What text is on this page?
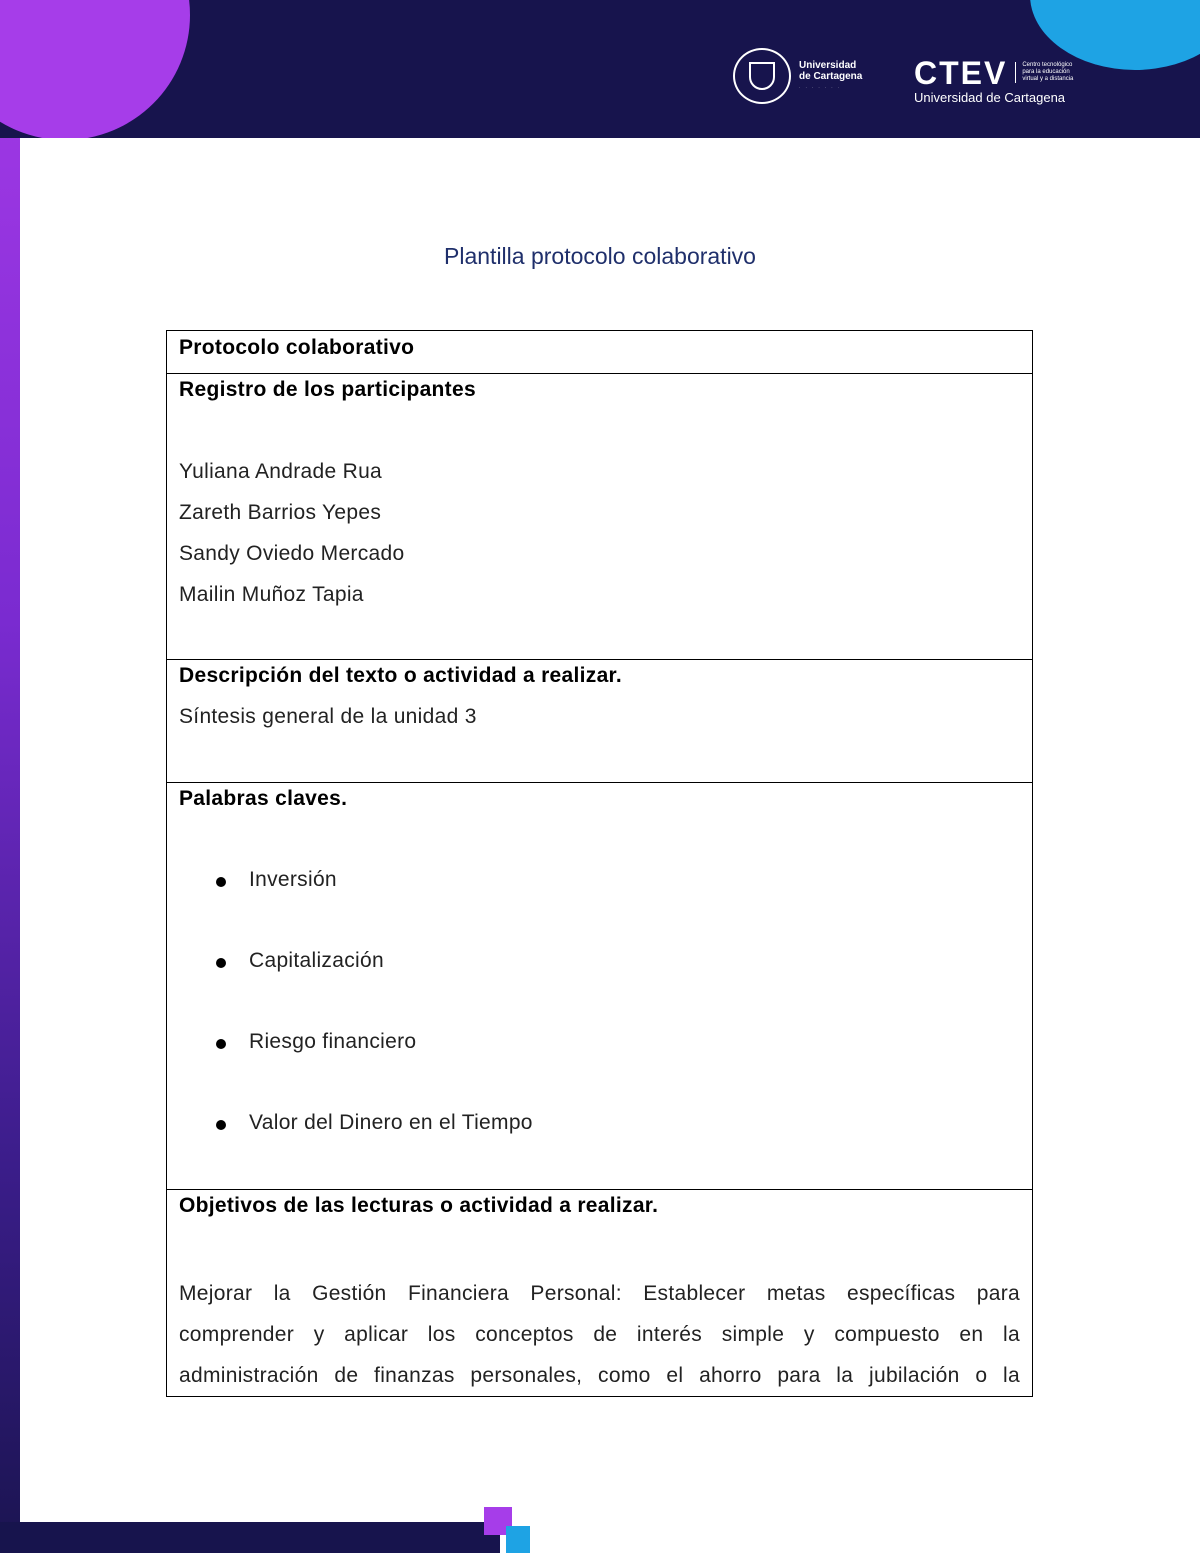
Universidad de Cartagena
· · · · · · ·	CTEV	Centro tecnológico para la educación virtual y a distancia
Universidad de Cartagena
Plantilla protocolo colaborativo
Protocolo colaborativo

Registro de los participantes

Yuliana Andrade Rua

Zareth Barrios Yepes

Sandy Oviedo Mercado

Mailin Muñoz Tapia

Descripción del texto o actividad a realizar.

Síntesis general de la unidad 3

Palabras claves.

Inversión
Capitalización
Riesgo financiero
Valor del Dinero en el Tiempo

Objetivos de las lecturas o actividad a realizar.

Mejorar la Gestión Financiera Personal: Establecer metas específicas para

comprender y aplicar los conceptos de interés simple y compuesto en la

administración de finanzas personales, como el ahorro para la jubilación o la
